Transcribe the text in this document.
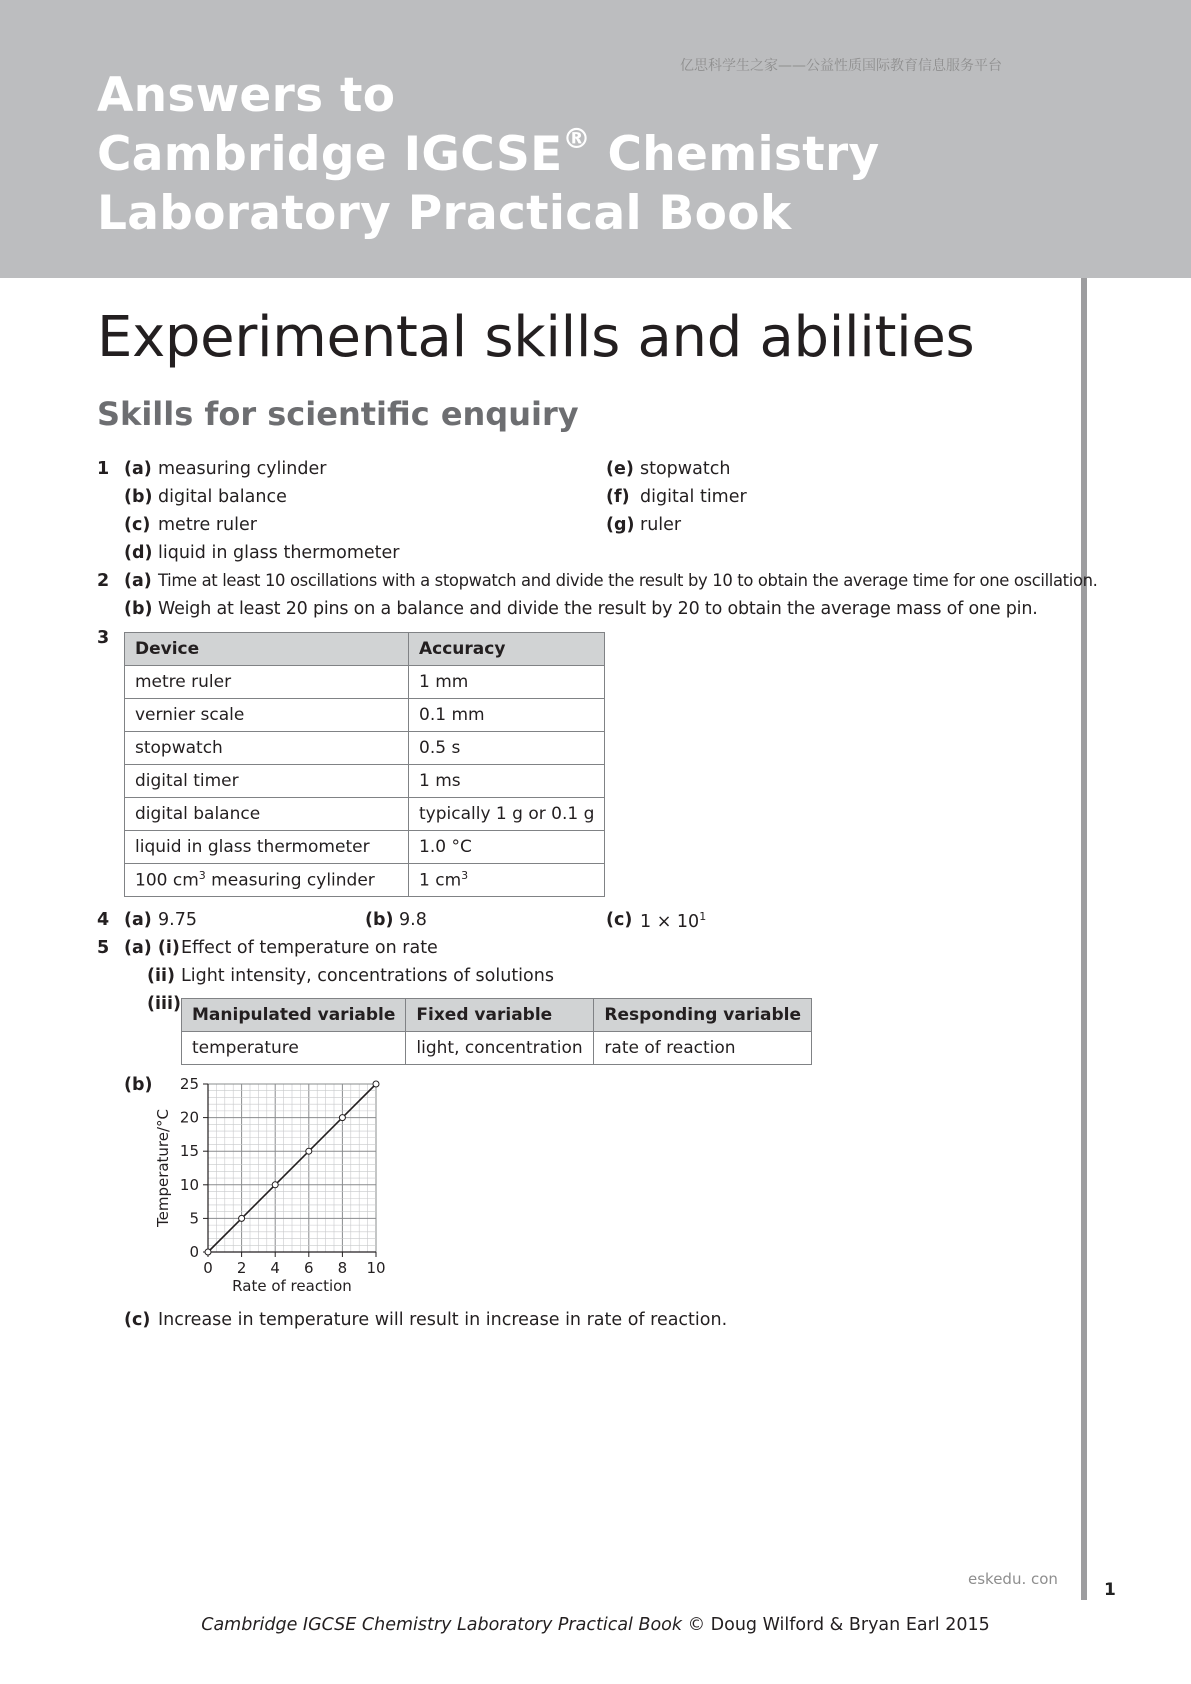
亿思科学生之家——公益性质国际教育信息服务平台
Answers to
Cambridge IGCSE® Chemistry
Laboratory Practical Book
Experimental skills and abilities
Skills for scientific enquiry
1 (a) measuring cylinder
(b) digital balance
(c) metre ruler
(d) liquid in glass thermometer
(e) stopwatch
(f) digital timer
(g) ruler
2 (a) Time at least 10 oscillations with a stopwatch and divide the result by 10 to obtain the average time for one oscillation.
(b) Weigh at least 20 pins on a balance and divide the result by 20 to obtain the average mass of one pin.
3
Device	Accuracy
metre ruler	1 mm
vernier scale	0.1 mm
stopwatch	0.5 s
digital timer	1 ms
digital balance	typically 1 g or 0.1 g
liquid in glass thermometer	1.0 °C
100 $cm^3$ measuring cylinder	1 $cm^3$
4 (a) 9.75	(b) 9.8	(c) $1 \times 10^1$
5 (a) (i) Effect of temperature on rate
(ii) Light intensity, concentrations of solutions
(iii)
Manipulated variable	Fixed variable	Responding variable
temperature	light, concentration	rate of reaction
(b)
0 2 4 6 8 10
0
5
10
15
20
25
Rate of reaction
Temperature/°C
(c) Increase in temperature will result in increase in rate of reaction.
eskedu. con
1
Cambridge IGCSE Chemistry Laboratory Practical Book © Doug Wilford & Bryan Earl 2015
